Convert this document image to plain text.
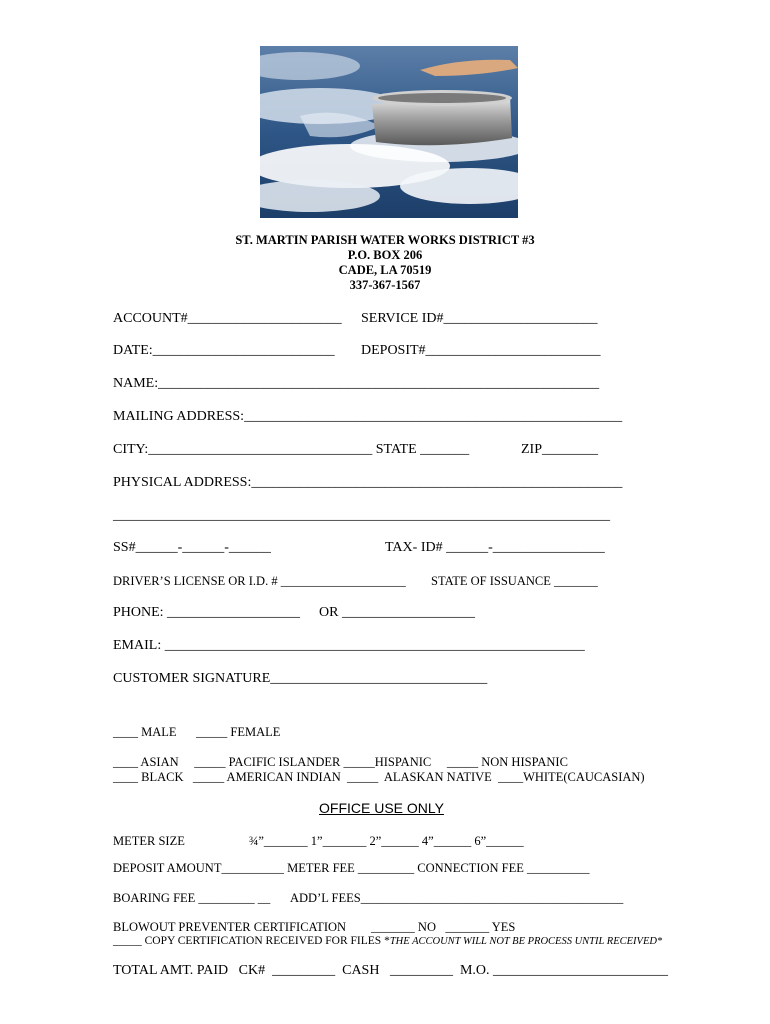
ST. MARTIN PARISH WATER WORKS DISTRICT #3
P.O. BOX 206
CADE, LA 70519
337-367-1567
ACCOUNT#______________________ SERVICE ID#______________________
DATE:__________________________ DEPOSIT#_________________________
NAME:_______________________________________________________________
MAILING ADDRESS:______________________________________________________
CITY:________________________________ STATE _______	ZIP________
PHYSICAL ADDRESS:_____________________________________________________
_______________________________________________________________________
SS#______-______-______	TAX- ID# ______-________________
DRIVER’S LICENSE OR I.D. # ____________________ STATE OF ISSUANCE _______
PHONE: ___________________ OR ___________________
EMAIL: ____________________________________________________________
CUSTOMER SIGNATURE_______________________________
____ MALE _____ FEMALE
____ ASIAN     _____ PACIFIC ISLANDER _____HISPANIC     _____ NON HISPANIC
____ BLACK   _____ AMERICAN INDIAN  _____  ALASKAN NATIVE  ____WHITE(CAUCASIAN)
OFFICE USE ONLY
METER SIZE	¾”_______ 1”_______ 2”______ 4”______ 6”______
DEPOSIT AMOUNT__________ METER FEE _________ CONNECTION FEE __________
BOARING FEE _________ __ ADD’L FEES__________________________________________
BLOWOUT PREVENTER CERTIFICATION        _______ NO   _______ YES
_____ COPY CERTIFICATION RECEIVED FOR FILES *THE ACCOUNT WILL NOT BE PROCESS UNTIL RECEIVED*
TOTAL AMT. PAID   CK#  _________  CASH   _________  M.O. _________________________
